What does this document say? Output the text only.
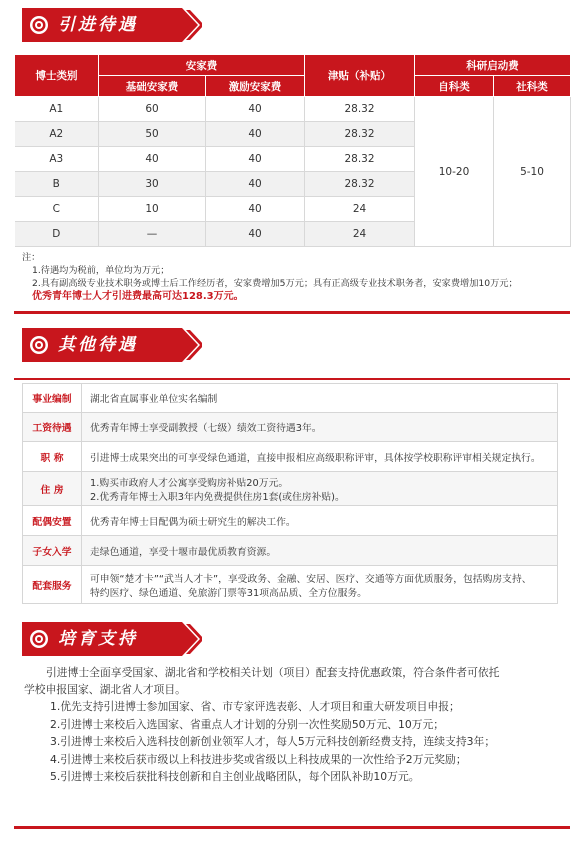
引进待遇
博士类别	安家费		津贴（补贴）	科研启动费	
	基础安家费	激励安家费		自科类	社科类
A1	60	40	28.32	10-20	5-10
A2	50	40	28.32		
A3	40	40	28.32		
B	30	40	28.32		
C	10	40	24		
D	—	40	24		
注：
1.待遇均为税前，单位均为万元；
2.具有副高级专业技术职务或博士后工作经历者，安家费增加5万元；具有正高级专业技术职务者，安家费增加10万元；
优秀青年博士人才引进费最高可达128.3万元。
其他待遇
事业编制	湖北省直属事业单位实名编制
工资待遇	优秀青年博士享受副教授（七级）绩效工资待遇3年。
职 称	引进博士成果突出的可享受绿色通道，直接申报相应高级职称评审，具体按学校职称评审相关规定执行。
住 房	1.购买市政府人才公寓享受购房补贴20万元。
2.优秀青年博士入职3年内免费提供住房1套(或住房补贴)。

配偶安置	优秀青年博士目配偶为硕士研究生的解决工作。
子女入学	走绿色通道，享受十堰市最优质教育资源。
配套服务	可申领“楚才卡”“武当人才卡”，享受政务、金融、安居、医疗、交通等方面优质服务，包括购房支持、
特约医疗、绿色通道、免旅游门票等31项高品质、全方位服务。
培育支持
引进博士全面享受国家、湖北省和学校相关计划（项目）配套支持优惠政策，符合条件者可依托
学校申报国家、湖北省人才项目。
1.优先支持引进博士参加国家、省、市专家评选表彰、人才项目和重大研发项目申报；
2.引进博士来校后入选国家、省重点人才计划的分别一次性奖励50万元、10万元；
3.引进博士来校后入选科技创新创业领军人才，每人5万元科技创新经费支持，连续支持3年；
4.引进博士来校后获市级以上科技进步奖或省级以上科技成果的一次性给予2万元奖励；
5.引进博士来校后获批科技创新和自主创业战略团队，每个团队补助10万元。
